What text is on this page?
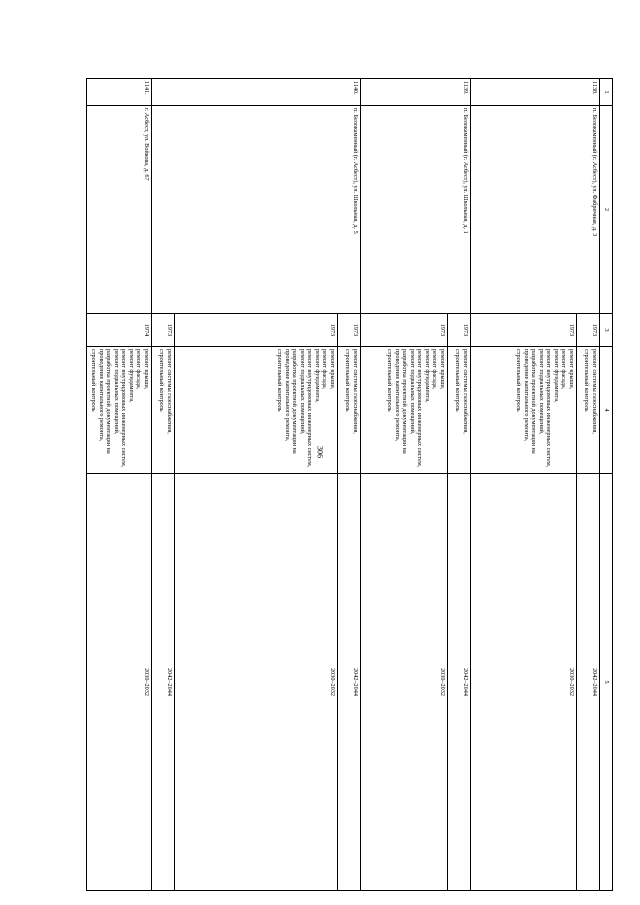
306
1
2
3
4
5
1138.
п. Белокаменный (г. Асбест), ул. Фабричная, д. 3
1973
ремонт системы газоснабжения,
строительный контроль
2042–2044
1973
ремонт крыши,
ремонт фасада,
ремонт фундамента,
ремонт внутридомовых инженерных систем,
ремонт подвальных помещений,
разработка проектной документации на
проведение капитального ремонта,
строительный контроль
2030–2032
1139.
п. Белокаменный (г. Асбест), ул. Школьная, д. 1
1973
ремонт системы газоснабжения,
строительный контроль
2042–2044
1973
ремонт крыши,
ремонт фасада,
ремонт фундамента,
ремонт внутридомовых инженерных систем,
ремонт подвальных помещений,
разработка проектной документации на
проведение капитального ремонта,
строительный контроль
2030–2032
1140.
п. Белокаменный (г. Асбест), ул. Школьная, д. 5
1973
ремонт системы газоснабжения,
строительный контроль
2042–2044
1973
ремонт крыши,
ремонт фасада,
ремонт фундамента,
ремонт внутридомовых инженерных систем,
ремонт подвальных помещений,
разработка проектной документации на
проведение капитального ремонта,
строительный контроль
2030–2032
1973
ремонт системы газоснабжения,
строительный контроль
2042–2044
1141.
г. Асбест, ул. Войкова, д. 67
1974
ремонт крыши,
ремонт фасада,
ремонт фундамента,
ремонт внутридомовых инженерных систем,
ремонт подвальных помещений,
разработка проектной документации на
проведение капитального ремонта,
строительный контроль
2030–2032
